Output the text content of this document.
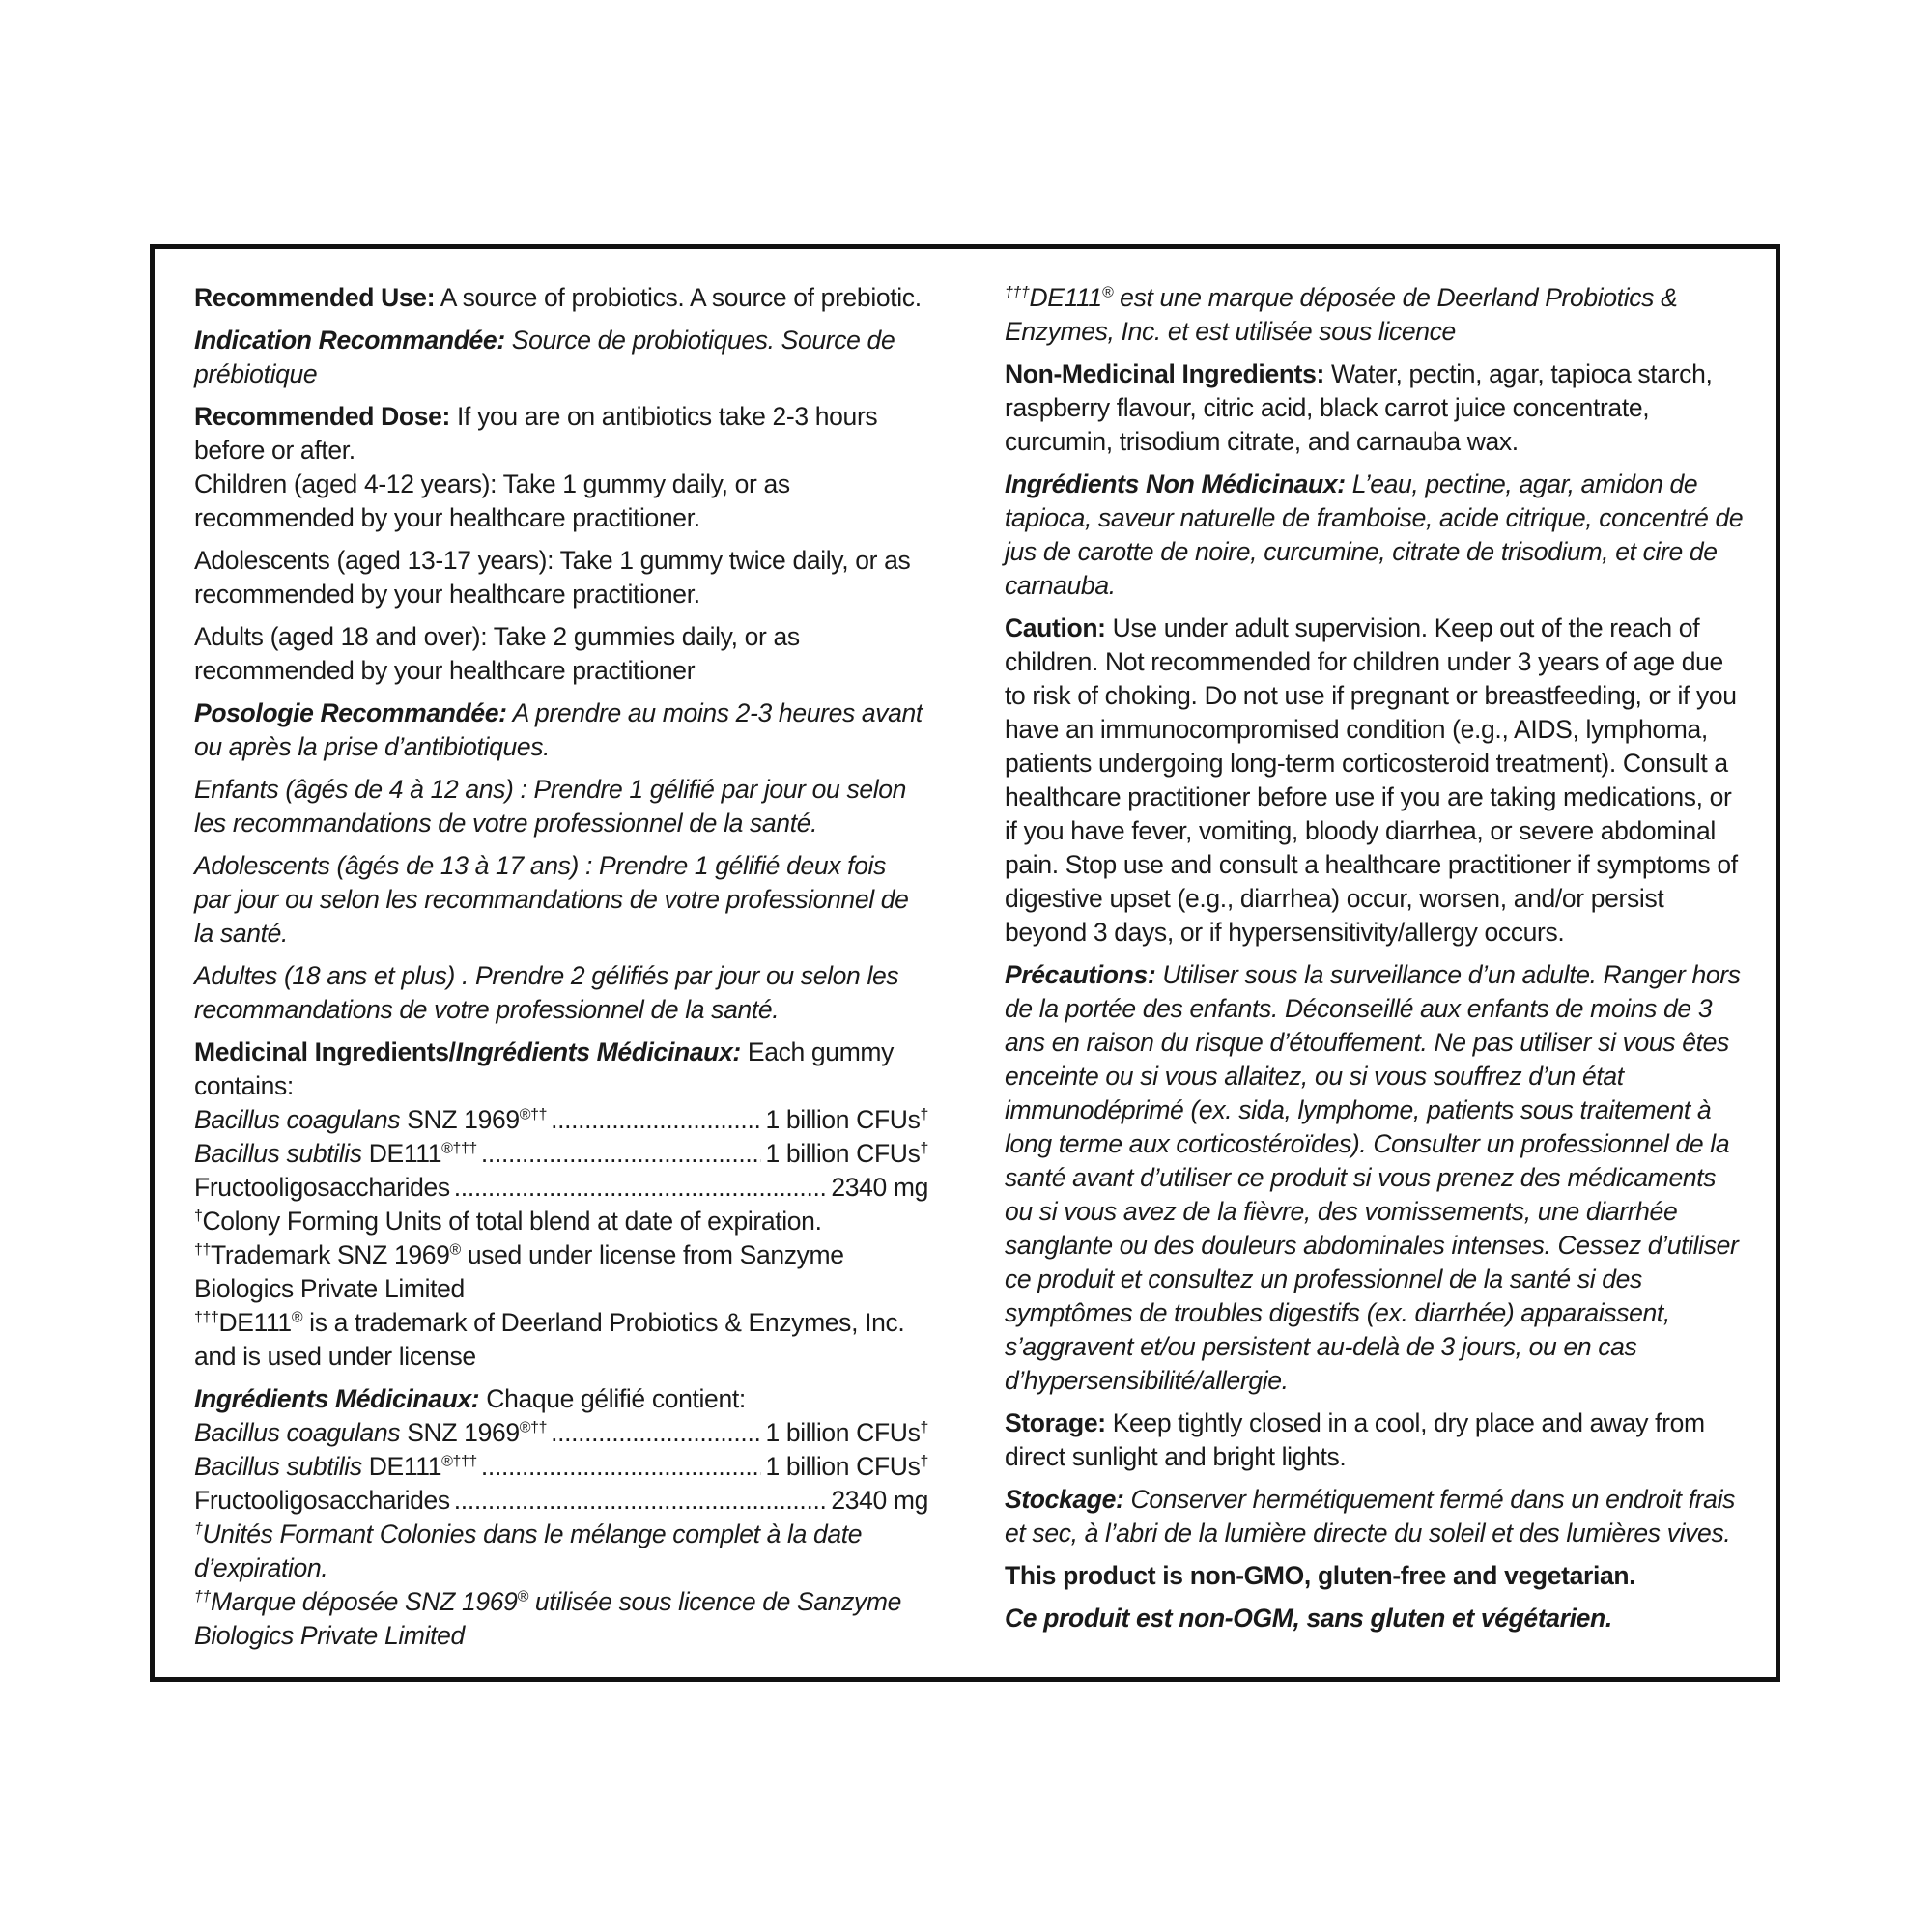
Recommended Use: A source of probiotics. A source of prebiotic.

Indication Recommandée: Source de probiotiques. Source de prébiotique

Recommended Dose: If you are on antibiotics take 2-3 hours before or after.

Children (aged 4-12 years): Take 1 gummy daily, or as recommended by your healthcare practitioner.

Adolescents (aged 13-17 years): Take 1 gummy twice daily, or as recommended by your healthcare practitioner.

Adults (aged 18 and over): Take 2 gummies daily, or as recommended by your healthcare practitioner

Posologie Recommandée: A prendre au moins 2-3 heures avant ou après la prise d’antibiotiques.

Enfants (âgés de 4 à 12 ans) : Prendre 1 gélifié par jour ou selon les recommandations de votre professionnel de la santé.

Adolescents (âgés de 13 à 17 ans) : Prendre 1 gélifié deux fois par jour ou selon les recommandations de votre professionnel de la santé.

Adultes (18 ans et plus) . Prendre 2 gélifiés par jour ou selon les recommandations de votre professionnel de la santé.

Medicinal Ingredients/Ingrédients Médicinaux: Each gummy contains:

Bacillus coagulans SNZ 1969®†† .....	1 billion CFUs†
Bacillus subtilis DE111®††† .....	1 billion CFUs†
Fructooligosaccharides .....	2340 mg

†Colony Forming Units of total blend at date of expiration.

††Trademark SNZ 1969® used under license from Sanzyme Biologics Private Limited

†††DE111® is a trademark of Deerland Probiotics & Enzymes, Inc. and is used under license

Ingrédients Médicinaux: Chaque gélifié contient:

Bacillus coagulans SNZ 1969®†† .....	1 billion CFUs†
Bacillus subtilis DE111®††† .....	1 billion CFUs†
Fructooligosaccharides .....	2340 mg

†Unités Formant Colonies dans le mélange complet à la date d’expiration.

††Marque déposée SNZ 1969® utilisée sous licence de Sanzyme Biologics Private Limited

†††DE111® est une marque déposée de Deerland Probiotics & Enzymes, Inc. et est utilisée sous licence

Non-Medicinal Ingredients: Water, pectin, agar, tapioca starch, raspberry flavour, citric acid, black carrot juice concentrate, curcumin, trisodium citrate, and carnauba wax.

Ingrédients Non Médicinaux: L’eau, pectine, agar, amidon de tapioca, saveur naturelle de framboise, acide citrique, concentré de jus de carotte de noire, curcumine, citrate de trisodium, et cire de carnauba.

Caution: Use under adult supervision. Keep out of the reach of children. Not recommended for children under 3 years of age due to risk of choking. Do not use if pregnant or breastfeeding, or if you have an immunocompromised condition (e.g., AIDS, lymphoma, patients undergoing long-term corticosteroid treatment). Consult a healthcare practitioner before use if you are taking medications, or if you have fever, vomiting, bloody diarrhea, or severe abdominal pain. Stop use and consult a healthcare practitioner if symptoms of digestive upset (e.g., diarrhea) occur, worsen, and/or persist beyond 3 days, or if hypersensitivity/allergy occurs.

Précautions: Utiliser sous la surveillance d’un adulte. Ranger hors de la portée des enfants. Déconseillé aux enfants de moins de 3 ans en raison du risque d’étouffement. Ne pas utiliser si vous êtes enceinte ou si vous allaitez, ou si vous souffrez d’un état immunodéprimé (ex. sida, lymphome, patients sous traitement à long terme aux corticostéroïdes). Consulter un professionnel de la santé avant d’utiliser ce produit si vous prenez des médicaments ou si vous avez de la fièvre, des vomissements, une diarrhée sanglante ou des douleurs abdominales intenses. Cessez d’utiliser ce produit et consultez un professionnel de la santé si des symptômes de troubles digestifs (ex. diarrhée) apparaissent, s’aggravent et/ou persistent au-delà de 3 jours, ou en cas d’hypersensibilité/allergie.

Storage: Keep tightly closed in a cool, dry place and away from direct sunlight and bright lights.

Stockage: Conserver hermétiquement fermé dans un endroit frais et sec, à l’abri de la lumière directe du soleil et des lumières vives.

This product is non-GMO, gluten-free and vegetarian.

Ce produit est non-OGM, sans gluten et végétarien.
